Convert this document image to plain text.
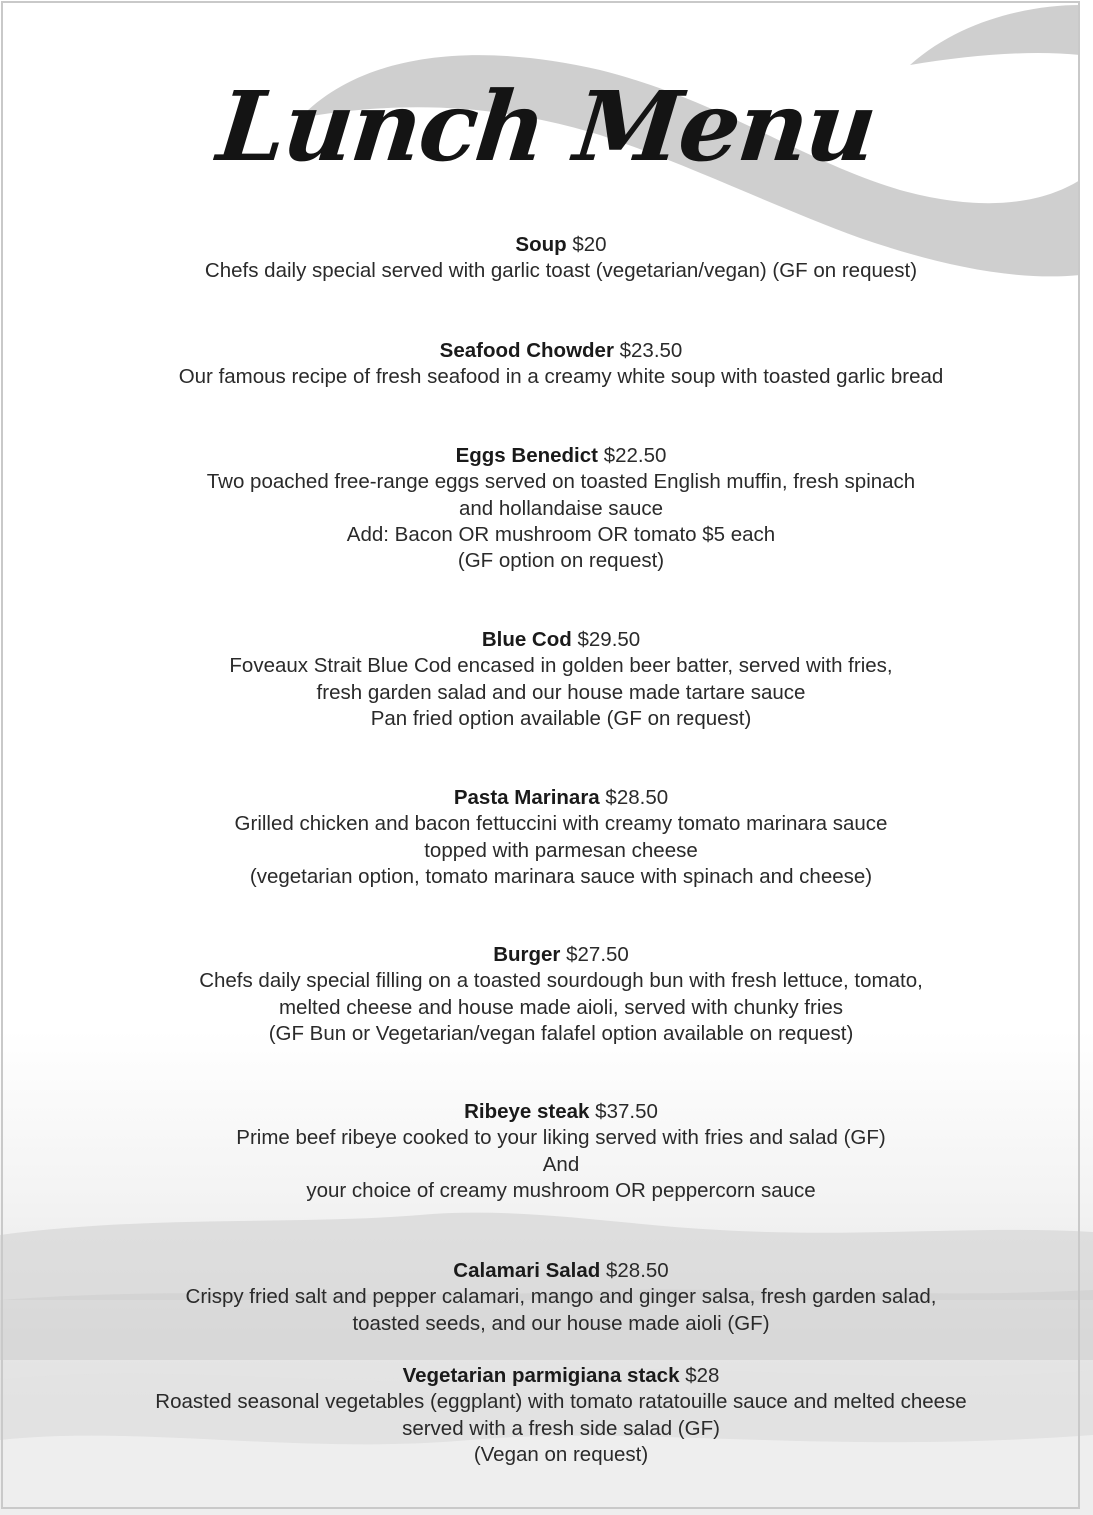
Lunch Menu
Soup $20
Chefs daily special served with garlic toast (vegetarian/vegan) (GF on request)
Seafood Chowder $23.50
Our famous recipe of fresh seafood in a creamy white soup with toasted garlic bread
Eggs Benedict $22.50
Two poached free-range eggs served on toasted English muffin, fresh spinach
and hollandaise sauce
Add: Bacon OR mushroom OR tomato $5 each
(GF option on request)
Blue Cod $29.50
Foveaux Strait Blue Cod encased in golden beer batter, served with fries,
fresh garden salad and our house made tartare sauce
Pan fried option available (GF on request)
Pasta Marinara $28.50
Grilled chicken and bacon fettuccini with creamy tomato marinara sauce
topped with parmesan cheese
(vegetarian option, tomato marinara sauce with spinach and cheese)
Burger $27.50
Chefs daily special filling on a toasted sourdough bun with fresh lettuce, tomato,
melted cheese and house made aioli, served with chunky fries
(GF Bun or Vegetarian/vegan falafel option available on request)
Ribeye steak $37.50
Prime beef ribeye cooked to your liking served with fries and salad (GF)
And
your choice of creamy mushroom OR peppercorn sauce
Calamari Salad $28.50
Crispy fried salt and pepper calamari, mango and ginger salsa, fresh garden salad,
toasted seeds, and our house made aioli (GF)
Vegetarian parmigiana stack $28
Roasted seasonal vegetables (eggplant) with tomato ratatouille sauce and melted cheese
served with a fresh side salad (GF)
(Vegan on request)
